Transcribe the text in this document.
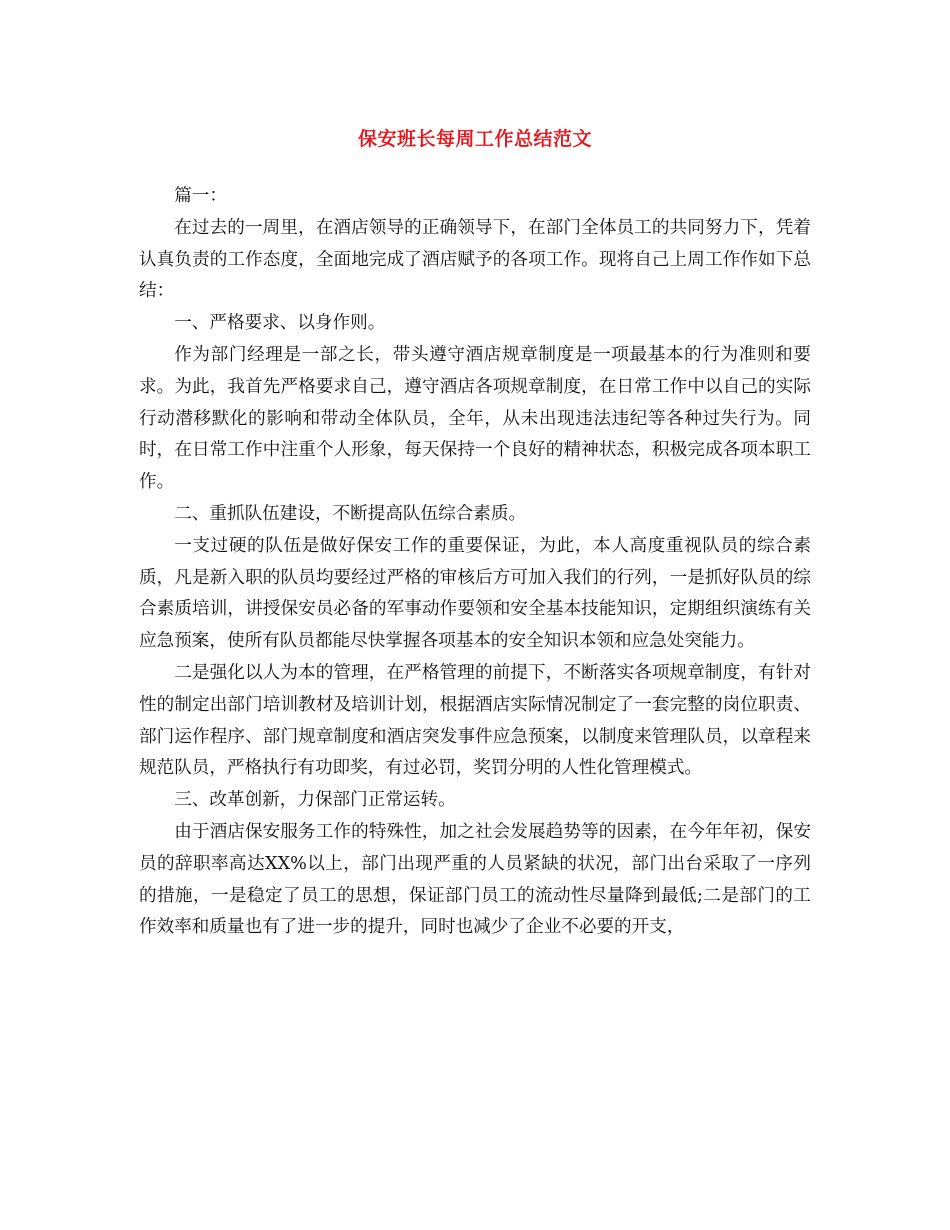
保安班长每周工作总结范文

篇一：

在过去的一周里，在酒店领导的正确领导下，在部门全体员工的共同努力下，凭着认真负责的工作态度，全面地完成了酒店赋予的各项工作。现将自己上周工作作如下总结：

一、严格要求、以身作则。

作为部门经理是一部之长，带头遵守酒店规章制度是一项最基本的行为准则和要求。为此，我首先严格要求自己，遵守酒店各项规章制度，在日常工作中以自己的实际行动潜移默化的影响和带动全体队员，全年，从未出现违法违纪等各种过失行为。同时，在日常工作中注重个人形象，每天保持一个良好的精神状态，积极完成各项本职工作。

二、重抓队伍建设，不断提高队伍综合素质。

一支过硬的队伍是做好保安工作的重要保证，为此，本人高度重视队员的综合素质，凡是新入职的队员均要经过严格的审核后方可加入我们的行列，一是抓好队员的综合素质培训，讲授保安员必备的军事动作要领和安全基本技能知识，定期组织演练有关应急预案，使所有队员都能尽快掌握各项基本的安全知识本领和应急处突能力。

二是强化以人为本的管理，在严格管理的前提下，不断落实各项规章制度，有针对性的制定出部门培训教材及培训计划，根据酒店实际情况制定了一套完整的岗位职责、部门运作程序、部门规章制度和酒店突发事件应急预案，以制度来管理队员，以章程来规范队员，严格执行有功即奖，有过必罚，奖罚分明的人性化管理模式。

三、改革创新，力保部门正常运转。

由于酒店保安服务工作的特殊性，加之社会发展趋势等的因素，在今年年初，保安员的辞职率高达XX%以上，部门出现严重的人员紧缺的状况，部门出台采取了一序列的措施，一是稳定了员工的思想，保证部门员工的流动性尽量降到最低;二是部门的工作效率和质量也有了进一步的提升，同时也减少了企业不必要的开支，
